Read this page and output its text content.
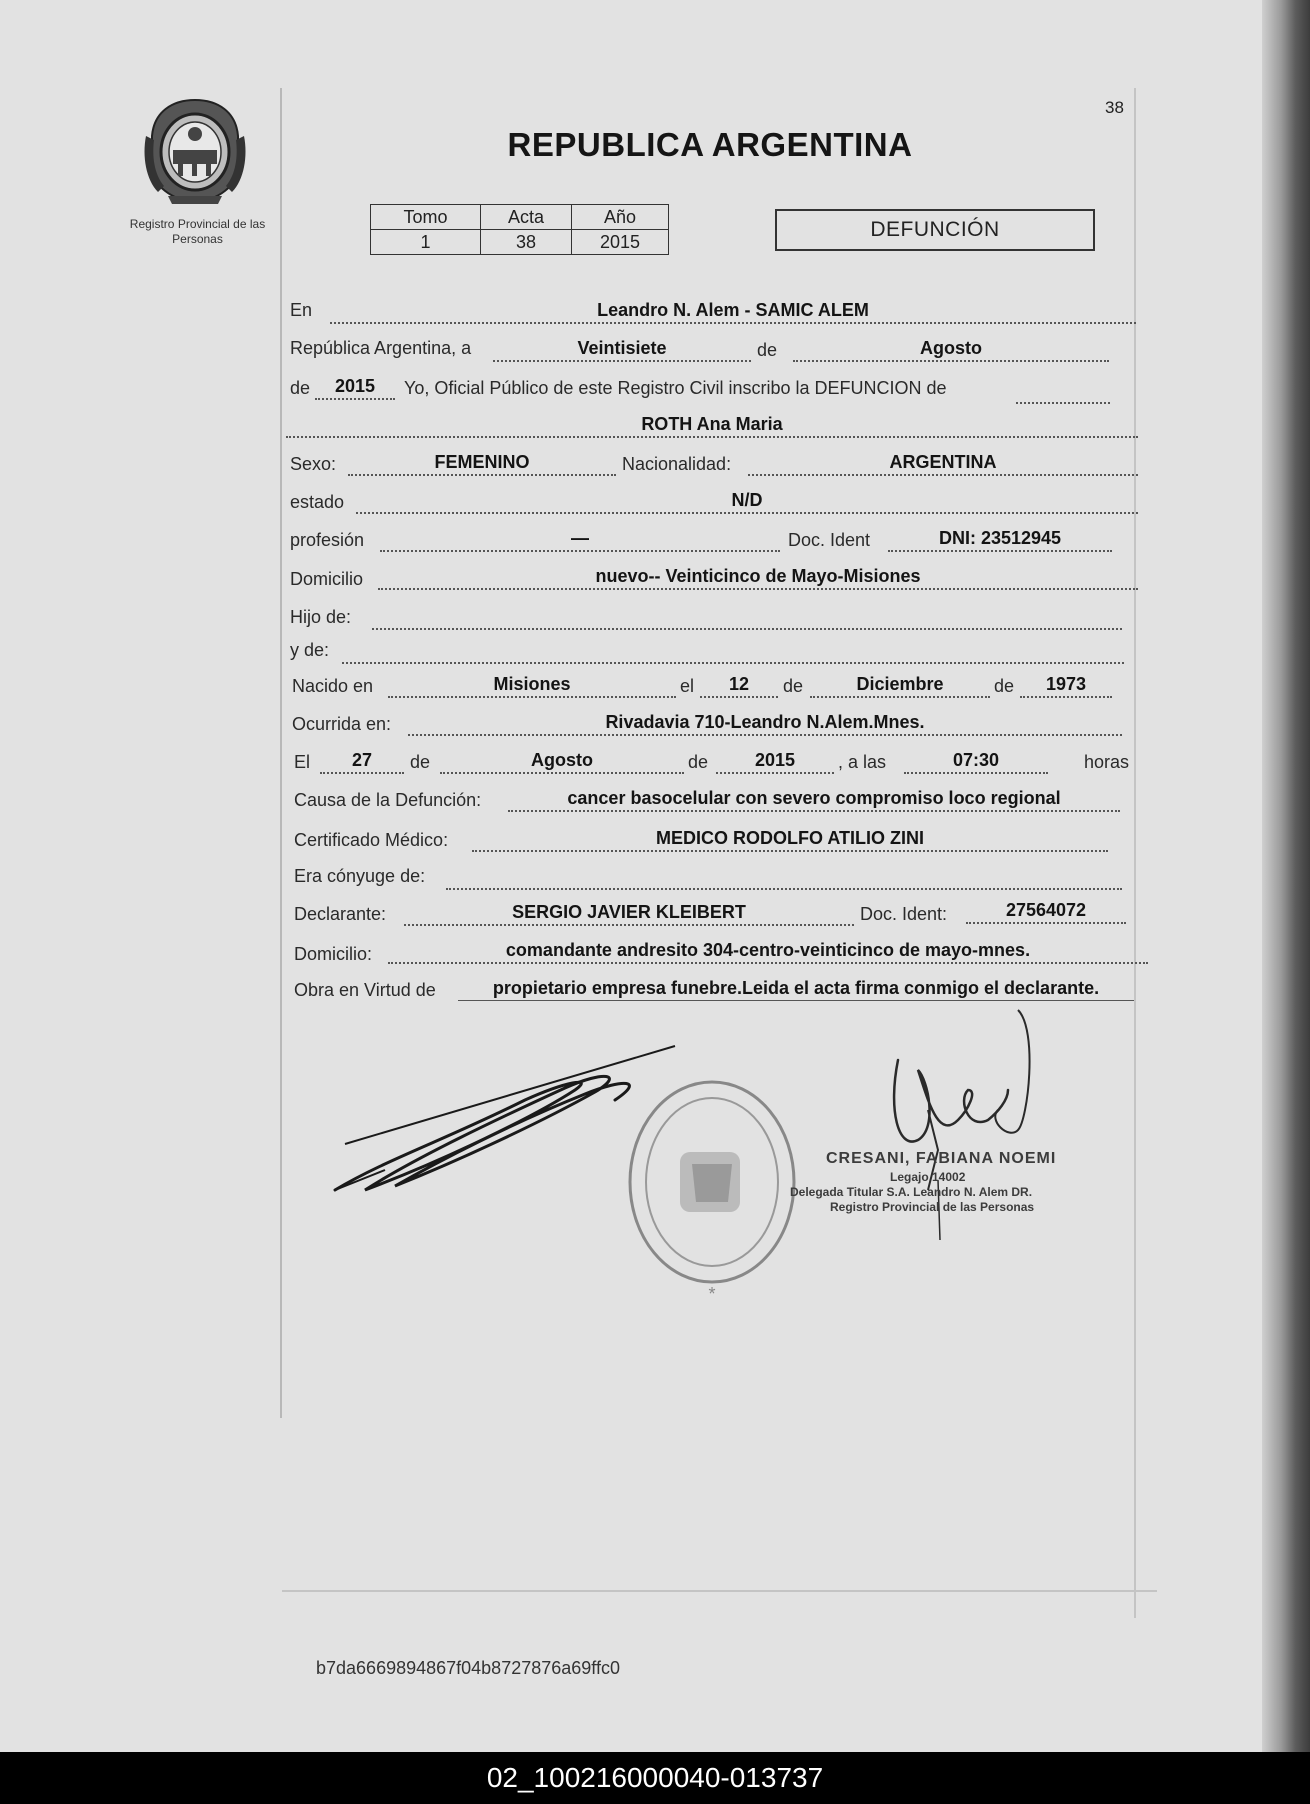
38
Registro Provincial de las Personas
REPUBLICA ARGENTINA
Tomo	Acta	Año
1	38	2015
DEFUNCIÓN
En	Leandro N. Alem - SAMIC ALEM
República Argentina, a	Veintisiete	de	Agosto
de	2015	Yo, Oficial Público de este Registro Civil inscribo la DEFUNCION de
ROTH Ana Maria
Sexo:	FEMENINO	Nacionalidad:	ARGENTINA
estado	N/D
profesión	—	Doc. Ident	DNI: 23512945
Domicilio	nuevo-- Veinticinco de Mayo-Misiones
Hijo de:
y de:
Nacido en	Misiones	el	12	de	Diciembre	de	1973
Ocurrida en:	Rivadavia 710-Leandro N.Alem.Mnes.
El	27	de	Agosto	de	2015	, a las	07:30	horas
Causa de la Defunción:	cancer basocelular con severo compromiso loco regional
Certificado Médico:	MEDICO RODOLFO ATILIO ZINI
Era cónyuge de:
Declarante:	SERGIO JAVIER KLEIBERT	Doc. Ident:	27564072
Domicilio:	comandante andresito 304-centro-veinticinco de mayo-mnes.
Obra en Virtud de	propietario empresa funebre.Leida el acta firma conmigo el declarante.
*
CRESANI, FABIANA NOEMI
Legajo 14002
Delegada Titular S.A. Leandro N. Alem DR.
Registro Provincial de las Personas
b7da6669894867f04b8727876a69ffc0
02_100216000040-013737
